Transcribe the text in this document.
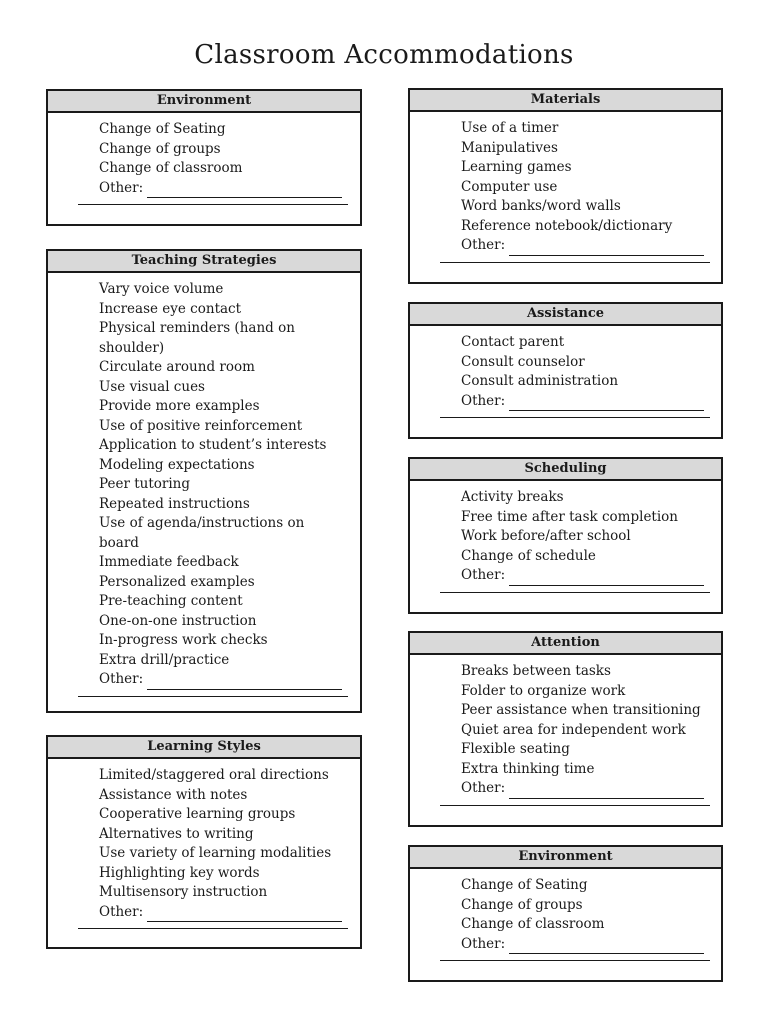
Classroom Accommodations
Environment
Change of Seating
Change of groups
Change of classroom
Other:
Teaching Strategies
Vary voice volume
Increase eye contact
Physical reminders (hand on
shoulder)
Circulate around room
Use visual cues
Provide more examples
Use of positive reinforcement
Application to student’s interests
Modeling expectations
Peer tutoring
Repeated instructions
Use of agenda/instructions on
board
Immediate feedback
Personalized examples
Pre-teaching content
One-on-one instruction
In-progress work checks
Extra drill/practice
Other:
Learning Styles
Limited/staggered oral directions
Assistance with notes
Cooperative learning groups
Alternatives to writing
Use variety of learning modalities
Highlighting key words
Multisensory instruction
Other:
Materials
Use of a timer
Manipulatives
Learning games
Computer use
Word banks/word walls
Reference notebook/dictionary
Other:
Assistance
Contact parent
Consult counselor
Consult administration
Other:
Scheduling
Activity breaks
Free time after task completion
Work before/after school
Change of schedule
Other:
Attention
Breaks between tasks
Folder to organize work
Peer assistance when transitioning
Quiet area for independent work
Flexible seating
Extra thinking time
Other:
Environment
Change of Seating
Change of groups
Change of classroom
Other:
